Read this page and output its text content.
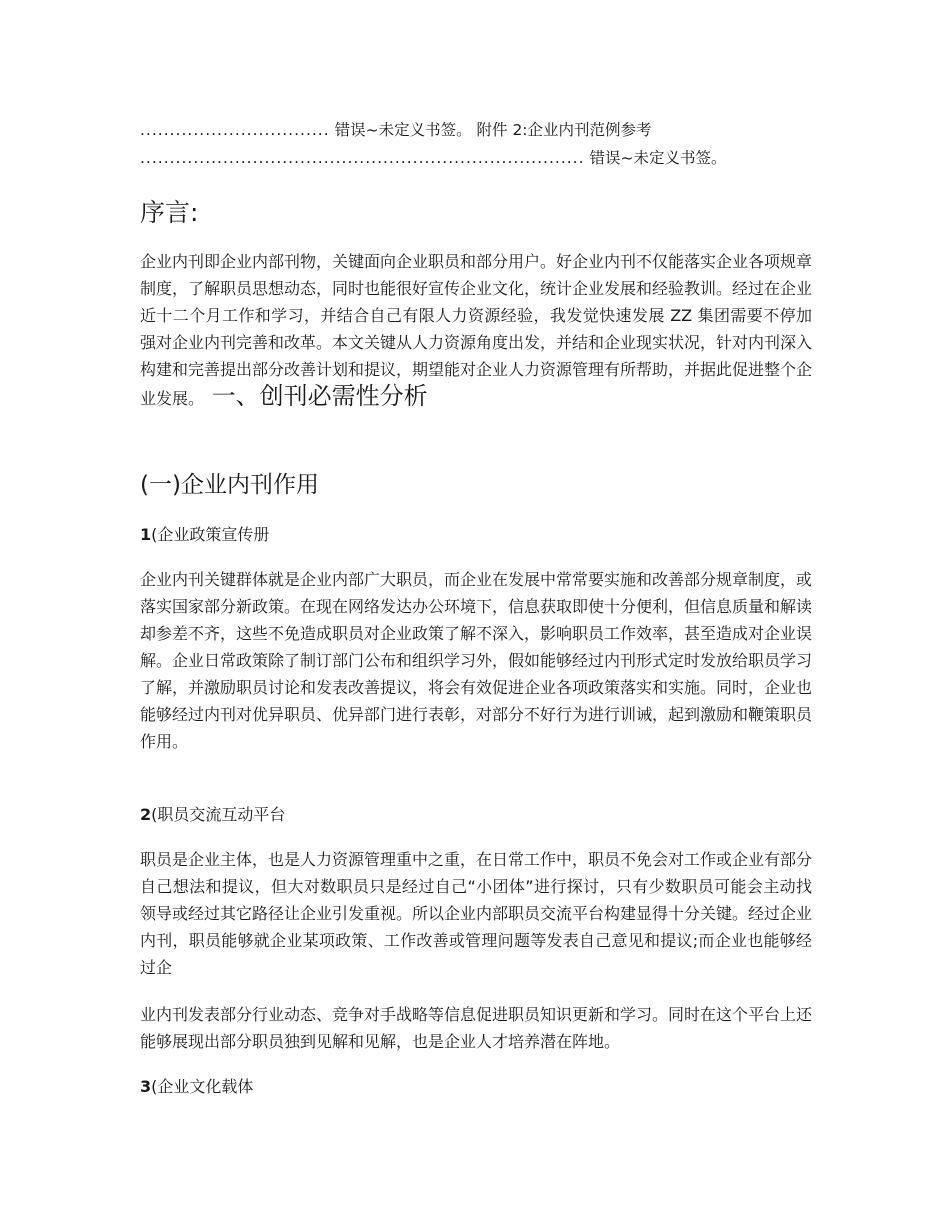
................................ 错误~未定义书签。 附件 2:企业内刊范例参考
........................................................................... 错误~未定义书签。
序言:

企业内刊即企业内部刊物，关键面向企业职员和部分用户。好企业内刊不仅能落实企业各项规章制度，了解职员思想动态，同时也能很好宣传企业文化，统计企业发展和经验教训。经过在企业近十二个月工作和学习，并结合自己有限人力资源经验，我发觉快速发展 ZZ 集团需要不停加强对企业内刊完善和改革。本文关键从人力资源角度出发，并结和企业现实状况，针对内刊深入构建和完善提出部分改善计划和提议，期望能对企业人力资源管理有所帮助，并据此促进整个企业发展。 一、创刊必需性分析

(一)企业内刊作用
1(企业政策宣传册

企业内刊关键群体就是企业内部广大职员，而企业在发展中常常要实施和改善部分规章制度，或落实国家部分新政策。在现在网络发达办公环境下，信息获取即使十分便利，但信息质量和解读却参差不齐，这些不免造成职员对企业政策了解不深入，影响职员工作效率，甚至造成对企业误解。企业日常政策除了制订部门公布和组织学习外，假如能够经过内刊形式定时发放给职员学习了解，并激励职员讨论和发表改善提议，将会有效促进企业各项政策落实和实施。同时，企业也能够经过内刊对优异职员、优异部门进行表彰，对部分不好行为进行训诫，起到激励和鞭策职员作用。

2(职员交流互动平台

职员是企业主体，也是人力资源管理重中之重，在日常工作中，职员不免会对工作或企业有部分自己想法和提议，但大对数职员只是经过自己“小团体”进行探讨，只有少数职员可能会主动找领导或经过其它路径让企业引发重视。所以企业内部职员交流平台构建显得十分关键。经过企业内刊，职员能够就企业某项政策、工作改善或管理问题等发表自己意见和提议;而企业也能够经过企

业内刊发表部分行业动态、竞争对手战略等信息促进职员知识更新和学习。同时在这个平台上还能够展现出部分职员独到见解和见解，也是企业人才培养潜在阵地。

3(企业文化载体
